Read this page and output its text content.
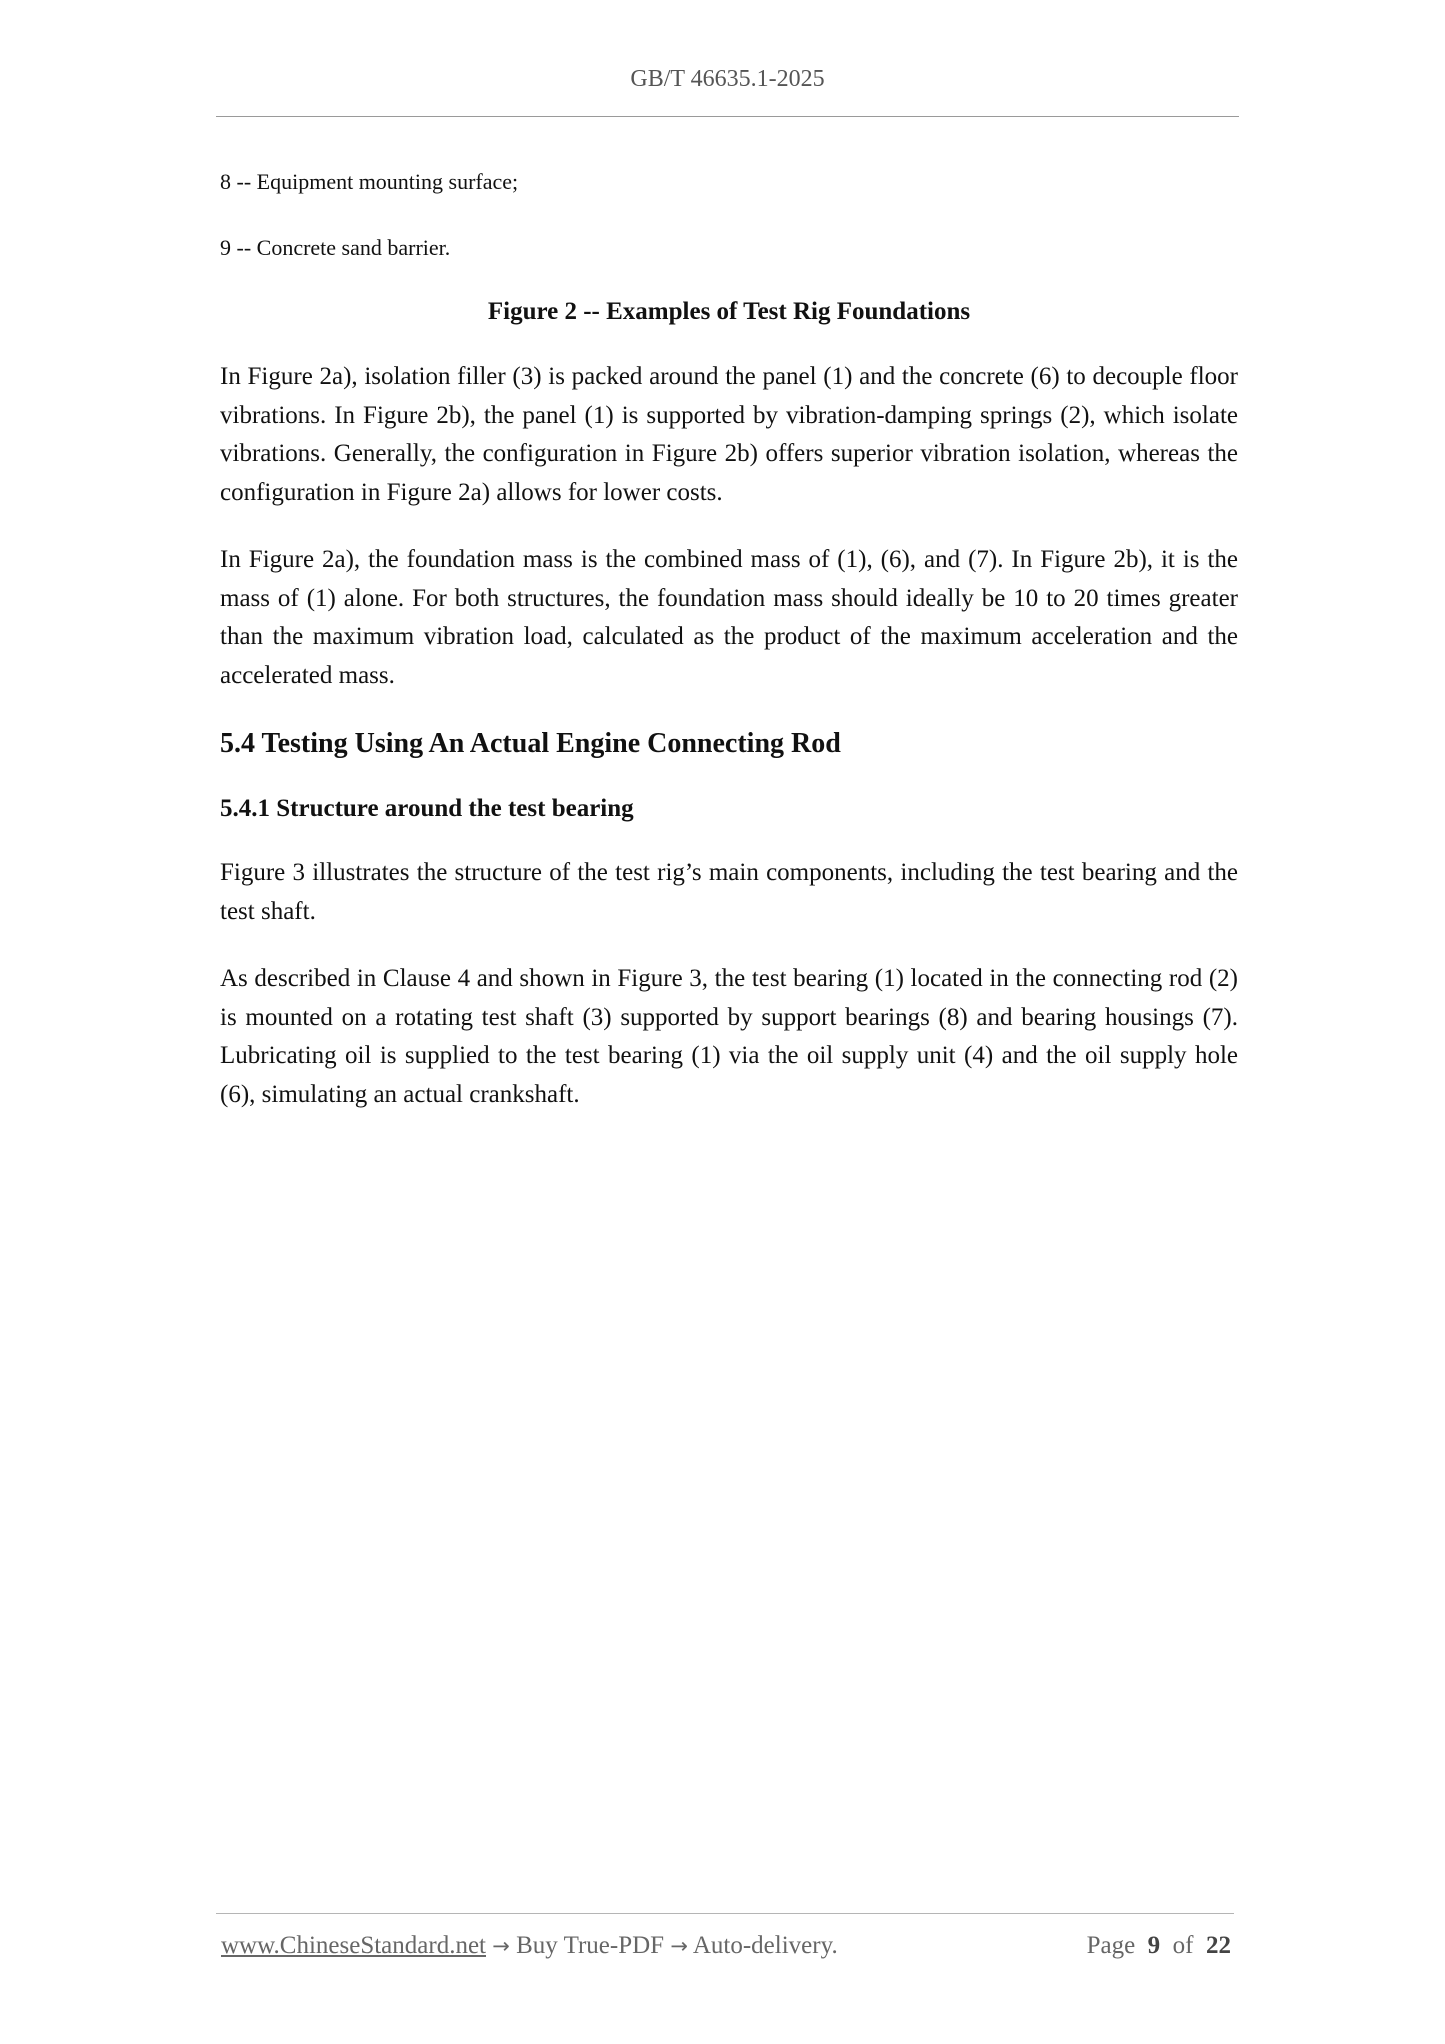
GB/T 46635.1-2025

8 -- Equipment mounting surface;

9 -- Concrete sand barrier.

Figure 2 -- Examples of Test Rig Foundations

In Figure 2a), isolation filler (3) is packed around the panel (1) and the concrete (6) to decouple floor vibrations. In Figure 2b), the panel (1) is supported by vibration-damping springs (2), which isolate vibrations. Generally, the configuration in Figure 2b) offers superior vibration isolation, whereas the configuration in Figure 2a) allows for lower costs.

In Figure 2a), the foundation mass is the combined mass of (1), (6), and (7). In Figure 2b), it is the mass of (1) alone. For both structures, the foundation mass should ideally be 10 to 20 times greater than the maximum vibration load, calculated as the product of the maximum acceleration and the accelerated mass.

5.4 Testing Using An Actual Engine Connecting Rod
5.4.1 Structure around the test bearing

Figure 3 illustrates the structure of the test rig’s main components, including the test bearing and the test shaft.

As described in Clause 4 and shown in Figure 3, the test bearing (1) located in the connecting rod (2) is mounted on a rotating test shaft (3) supported by support bearings (8) and bearing housings (7). Lubricating oil is supplied to the test bearing (1) via the oil supply unit (4) and the oil supply hole (6), simulating an actual crankshaft.

www.ChineseStandard.net → Buy True-PDF → Auto-delivery.	Page 9 of 22
